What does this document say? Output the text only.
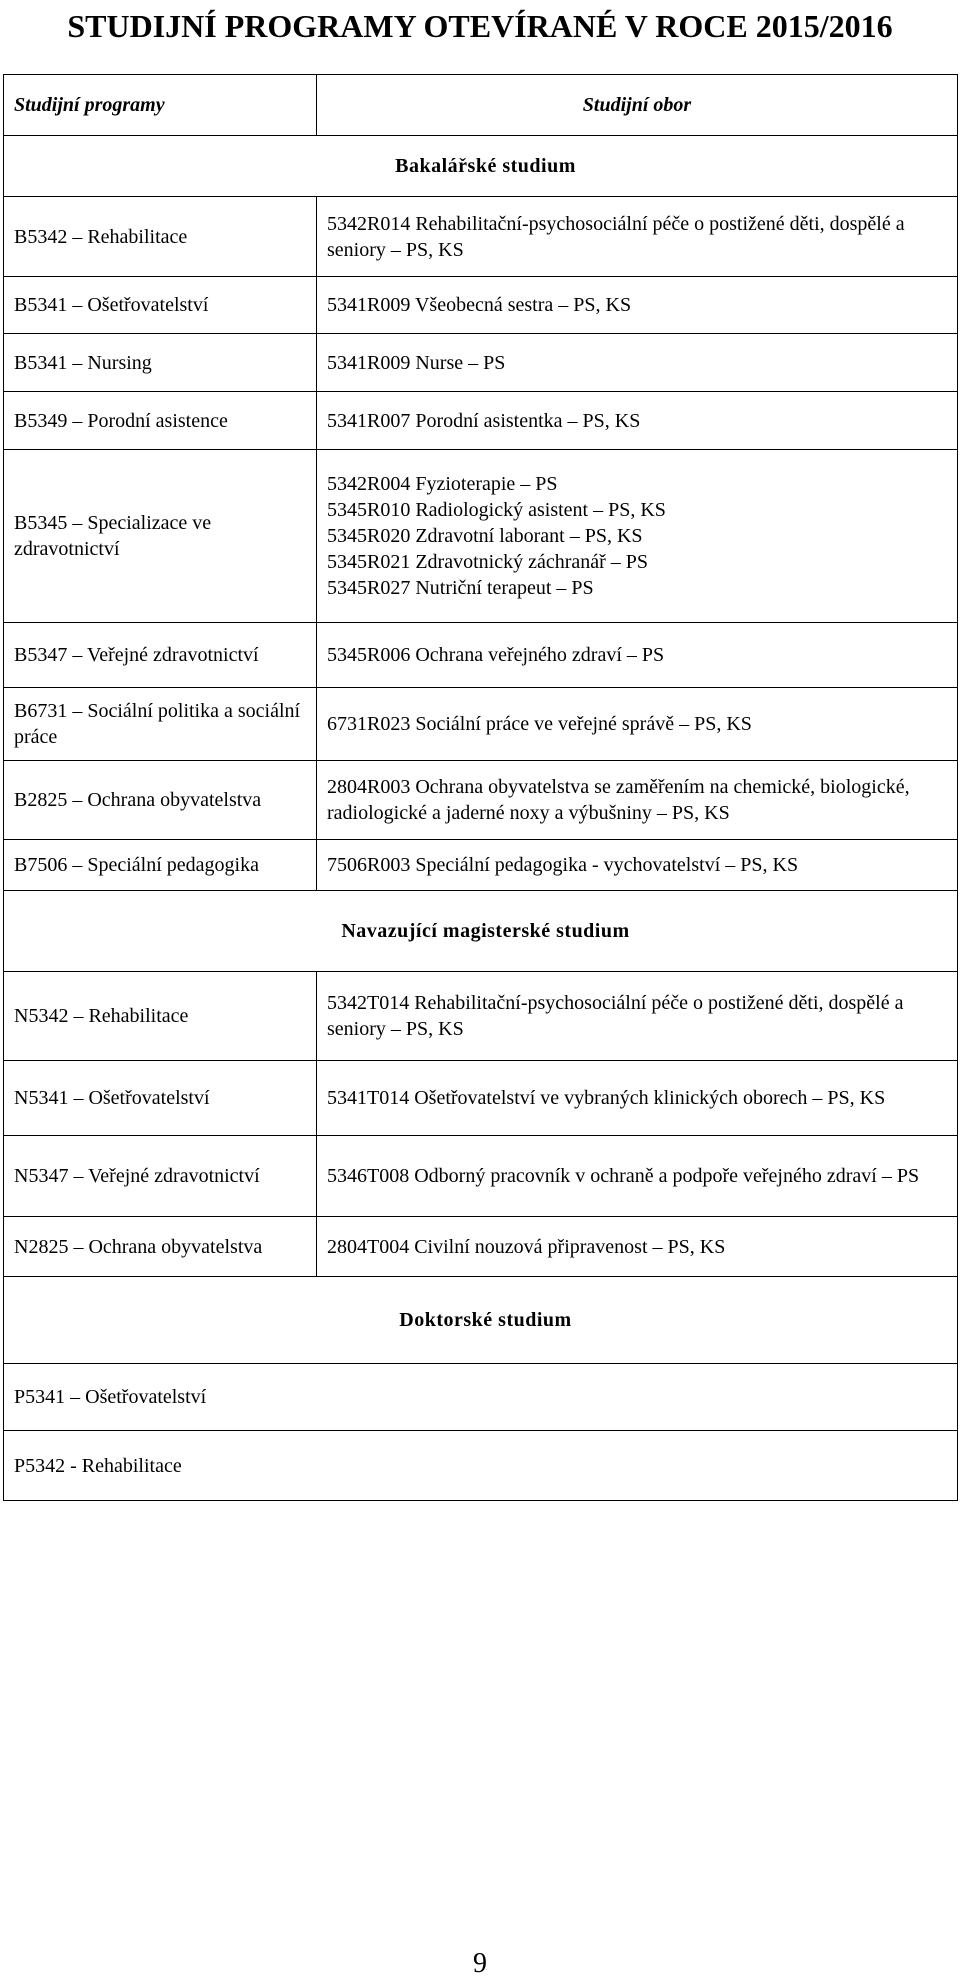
STUDIJNÍ PROGRAMY OTEVÍRANÉ V ROCE 2015/2016
Studijní programy	Studijní obor
Bakalářské studium	
B5342 – Rehabilitace	5342R014 Rehabilitační-psychosociální péče o postižené děti, dospělé a seniory – PS, KS
B5341 – Ošetřovatelství	5341R009 Všeobecná sestra – PS, KS
B5341 – Nursing	5341R009 Nurse – PS
B5349 – Porodní asistence	5341R007 Porodní asistentka – PS, KS
B5345 – Specializace ve zdravotnictví	5342R004 Fyzioterapie – PS
5345R010 Radiologický asistent – PS, KS
5345R020 Zdravotní laborant – PS, KS
5345R021 Zdravotnický záchranář – PS
5345R027 Nutriční terapeut – PS

B5347 – Veřejné zdravotnictví	5345R006 Ochrana veřejného zdraví – PS
B6731 – Sociální politika a sociální práce	6731R023 Sociální práce ve veřejné správě – PS, KS
B2825 – Ochrana obyvatelstva	2804R003 Ochrana obyvatelstva se zaměřením na chemické, biologické, radiologické a jaderné noxy a výbušniny – PS, KS
B7506 – Speciální pedagogika	7506R003 Speciální pedagogika - vychovatelství – PS, KS
Navazující magisterské studium	
N5342 – Rehabilitace	5342T014 Rehabilitační-psychosociální péče o postižené děti, dospělé a seniory – PS, KS
N5341 – Ošetřovatelství	5341T014 Ošetřovatelství ve vybraných klinických oborech – PS, KS
N5347 – Veřejné zdravotnictví	5346T008 Odborný pracovník v ochraně a podpoře veřejného zdraví – PS
N2825 – Ochrana obyvatelstva	2804T004 Civilní nouzová připravenost – PS, KS
Doktorské studium	
P5341 – Ošetřovatelství	
P5342 - Rehabilitace	
9
